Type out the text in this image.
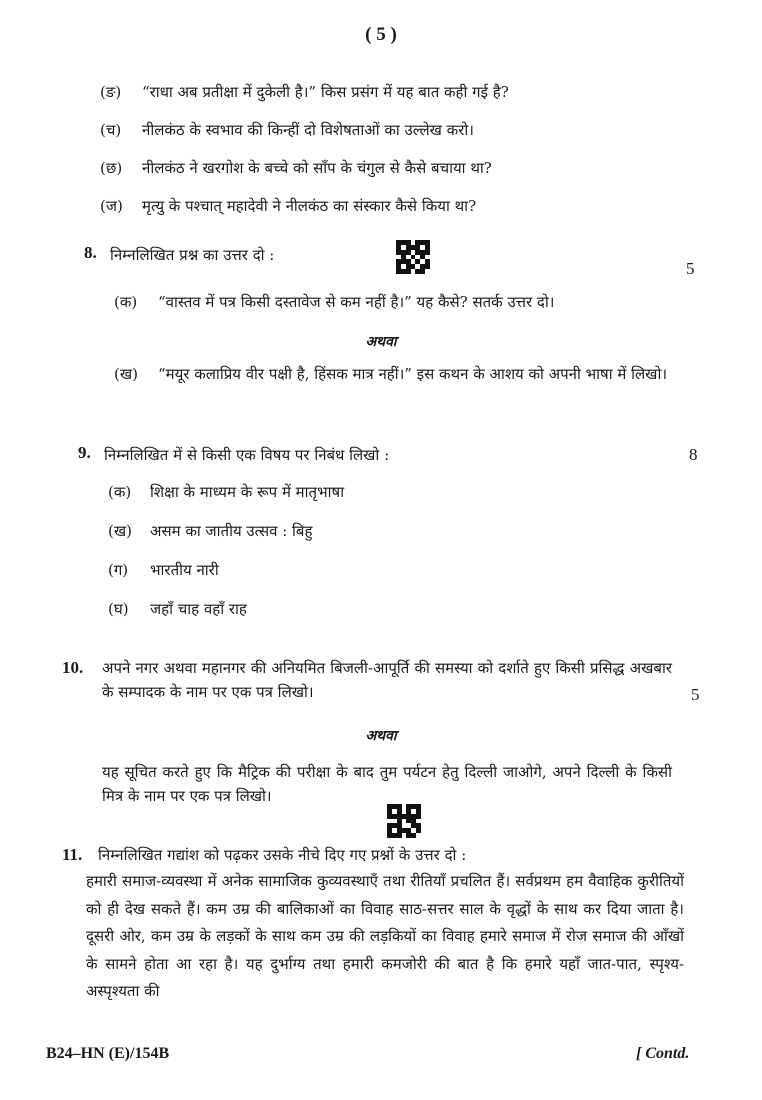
( 5 )
(ङ) “राधा अब प्रतीक्षा में दुकेली है।” किस प्रसंग में यह बात कही गई है?
(च) नीलकंठ के स्वभाव की किन्हीं दो विशेषताओं का उल्लेख करो।
(छ) नीलकंठ ने खरगोश के बच्चे को साँप के चंगुल से कैसे बचाया था?
(ज) मृत्यु के पश्चात् महादेवी ने नीलकंठ का संस्कार कैसे किया था?
8. निम्नलिखित प्रश्न का उत्तर दो :
5
(क) “वास्तव में पत्र किसी दस्तावेज से कम नहीं है।” यह कैसे? सतर्क उत्तर दो।
अथवा
(ख) “मयूर कलाप्रिय वीर पक्षी है, हिंसक मात्र नहीं।” इस कथन के आशय को अपनी भाषा में लिखो।
9. निम्नलिखित में से किसी एक विषय पर निबंध लिखो :	8
(क) शिक्षा के माध्यम के रूप में मातृभाषा
(ख) असम का जातीय उत्सव : बिहु
(ग) भारतीय नारी
(घ) जहाँ चाह वहाँ राह
10. अपने नगर अथवा महानगर की अनियमित बिजली-आपूर्ति की समस्या को दर्शाते हुए किसी प्रसिद्ध अखबार के सम्पादक के नाम पर एक पत्र लिखो।	5
अथवा
यह सूचित करते हुए कि मैट्रिक की परीक्षा के बाद तुम पर्यटन हेतु दिल्ली जाओगे, अपने दिल्ली के किसी मित्र के नाम पर एक पत्र लिखो।
11. निम्नलिखित गद्यांश को पढ़कर उसके नीचे दिए गए प्रश्नों के उत्तर दो :
हमारी समाज-व्यवस्था में अनेक सामाजिक कुव्यवस्थाएँ तथा रीतियाँ प्रचलित हैं। सर्वप्रथम हम वैवाहिक कुरीतियों को ही देख सकते हैं। कम उम्र की बालिकाओं का विवाह साठ-सत्तर साल के वृद्धों के साथ कर दिया जाता है। दूसरी ओर, कम उम्र के लड़कों के साथ कम उम्र की लड़कियों का विवाह हमारे समाज में रोज समाज की आँखों के सामने होता आ रहा है। यह दुर्भाग्य तथा हमारी कमजोरी की बात है कि हमारे यहाँ जात-पात, स्पृश्य-अस्पृश्यता की
B24–HN (E)/154B	[ Contd.
